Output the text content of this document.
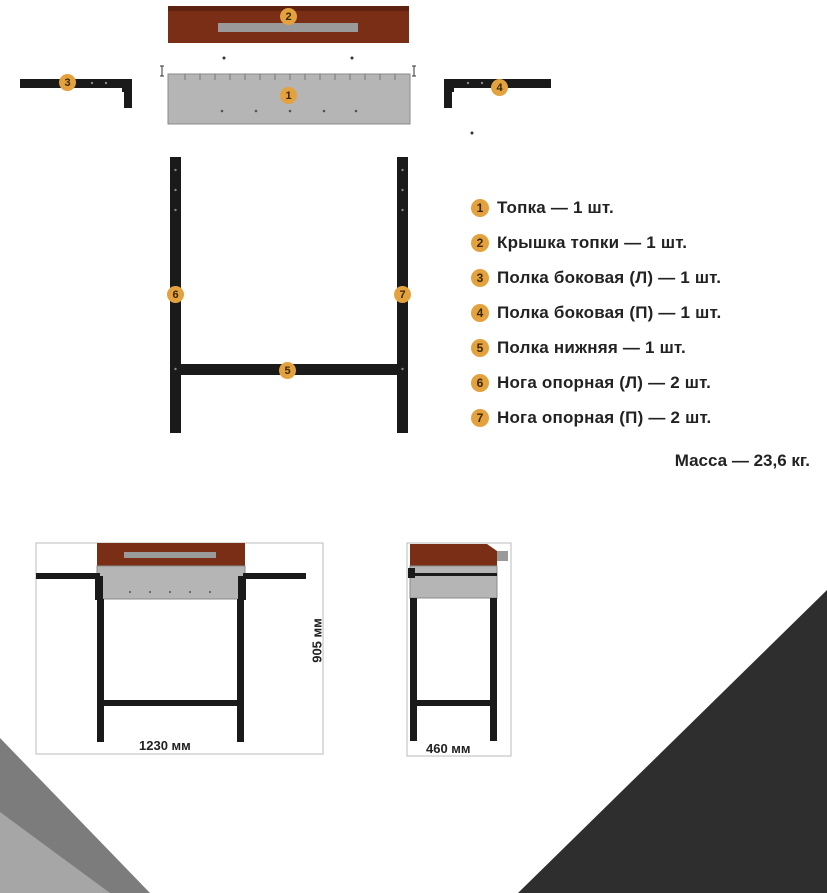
1
2
3	4
5
6	7
1 Топка — 1 шт.
2 Крышка топки — 1 шт.
3 Полка боковая (Л) — 1 шт.
4 Полка боковая (П) — 1 шт.
5 Полка нижняя — 1 шт.
6 Нога опорная (Л) — 2 шт.
7 Нога опорная (П) — 2 шт.
Масса — 23,6 кг.
1230 мм
905 мм
460 мм
